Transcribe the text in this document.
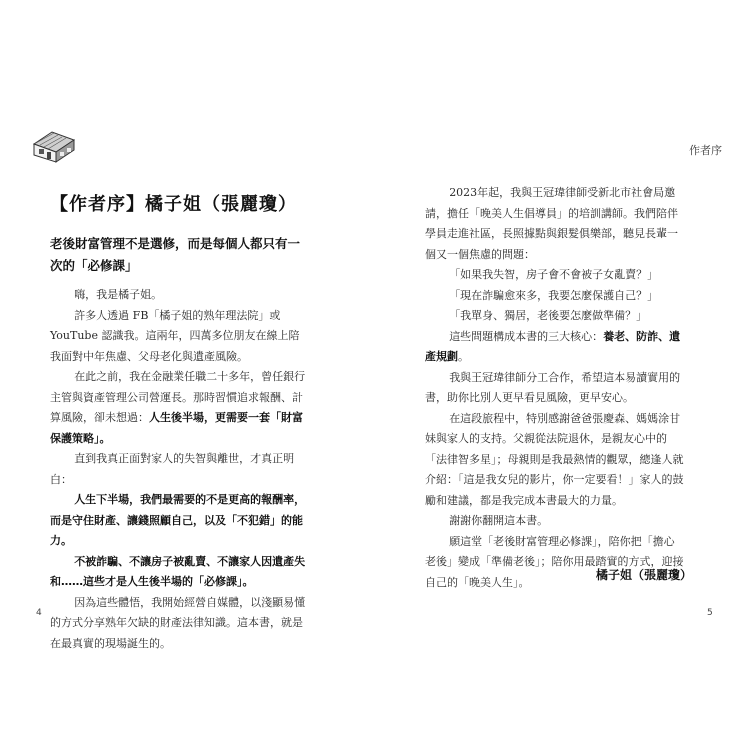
【作者序】橘子姐（張麗瓊）
老後財富管理不是選修，而是每個人都只有一次的「必修課」

嗨，我是橘子姐。

許多人透過 FB「橘子姐的熟年理法院」或 YouTube 認識我。這兩年，四萬多位朋友在線上陪我面對中年焦慮、父母老化與遺產風險。

在此之前，我在金融業任職二十多年，曾任銀行主管與資產管理公司營運長。那時習慣追求報酬、計算風險，卻未想過：人生後半場，更需要一套「財富保護策略」。

直到我真正面對家人的失智與離世，才真正明白：

人生下半場，我們最需要的不是更高的報酬率，而是守住財產、讓錢照顧自己，以及「不犯錯」的能力。

不被詐騙、不讓房子被亂賣、不讓家人因遺產失和……這些才是人生後半場的「必修課」。

因為這些體悟，我開始經營自媒體，以淺顯易懂的方式分享熟年欠缺的財產法律知識。這本書，就是在最真實的現場誕生的。

4
作者序

2023年起，我與王冠瑋律師受新北市社會局邀請，擔任「晚美人生倡導員」的培訓講師。我們陪伴學員走進社區，長照據點與銀髮俱樂部，聽見長輩一個又一個焦慮的問題：

「如果我失智，房子會不會被子女亂賣？」

「現在詐騙愈來多，我要怎麼保護自己？」

「我單身、獨居，老後要怎麼做準備？」

這些問題構成本書的三大核心：養老、防詐、遺產規劃。

我與王冠瑋律師分工合作，希望這本易讀實用的書，助你比別人更早看見風險，更早安心。

在這段旅程中，特別感謝爸爸張慶森、媽媽涂甘妹與家人的支持。父親從法院退休，是親友心中的「法律智多星」；母親則是我最熱情的觀眾，總逢人就介紹：「這是我女兒的影片，你一定要看！」家人的鼓勵和建議，都是我完成本書最大的力量。

謝謝你翻開這本書。

願這堂「老後財富管理必修課」，陪你把「擔心老後」變成「準備老後」；陪你用最踏實的方式，迎接自己的「晚美人生」。	橘子姐（張麗瓊）
5
